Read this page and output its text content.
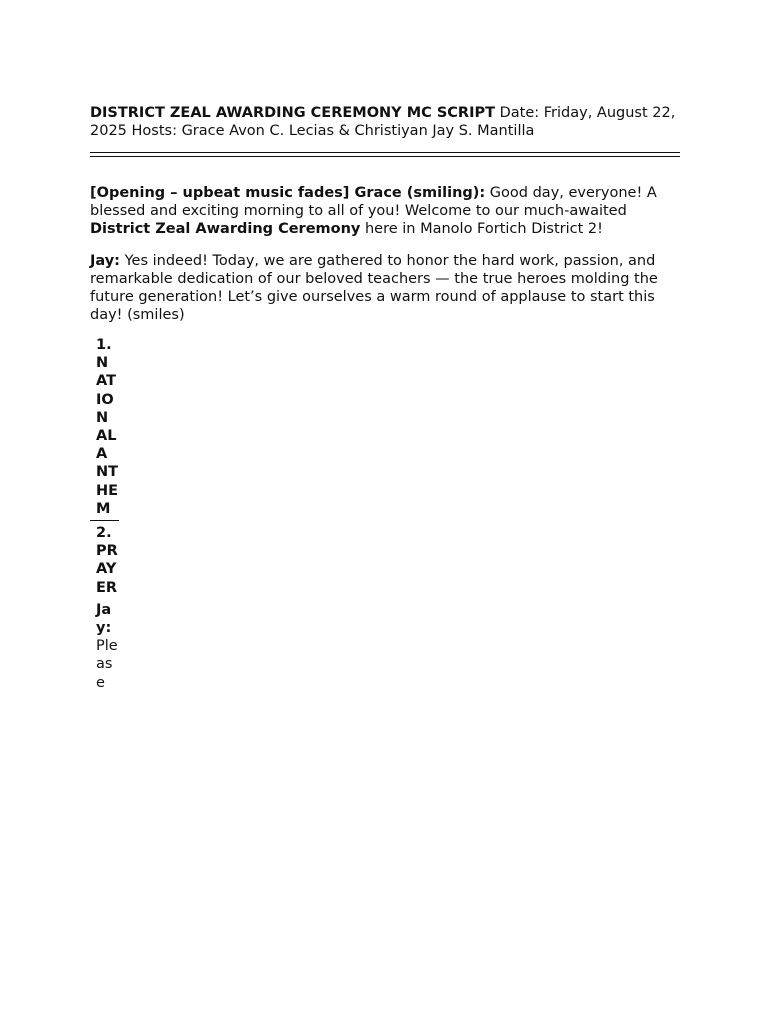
DISTRICT ZEAL AWARDING CEREMONY MC SCRIPT Date: Friday, August 22, 2025 Hosts: Grace Avon C. Lecias & Christiyan Jay S. Mantilla

[Opening – upbeat music fades] Grace (smiling): Good day, everyone! A blessed and exciting morning to all of you! Welcome to our much-awaited District Zeal Awarding Ceremony here in Manolo Fortich District 2!

Jay: Yes indeed! Today, we are gathered to honor the hard work, passion, and remarkable dedication of our beloved teachers — the true heroes molding the future generation! Let’s give ourselves a warm round of applause to start this day! (smiles)

1. NATIONAL ANTHEM
2. PRAYER
Jay:
Please
